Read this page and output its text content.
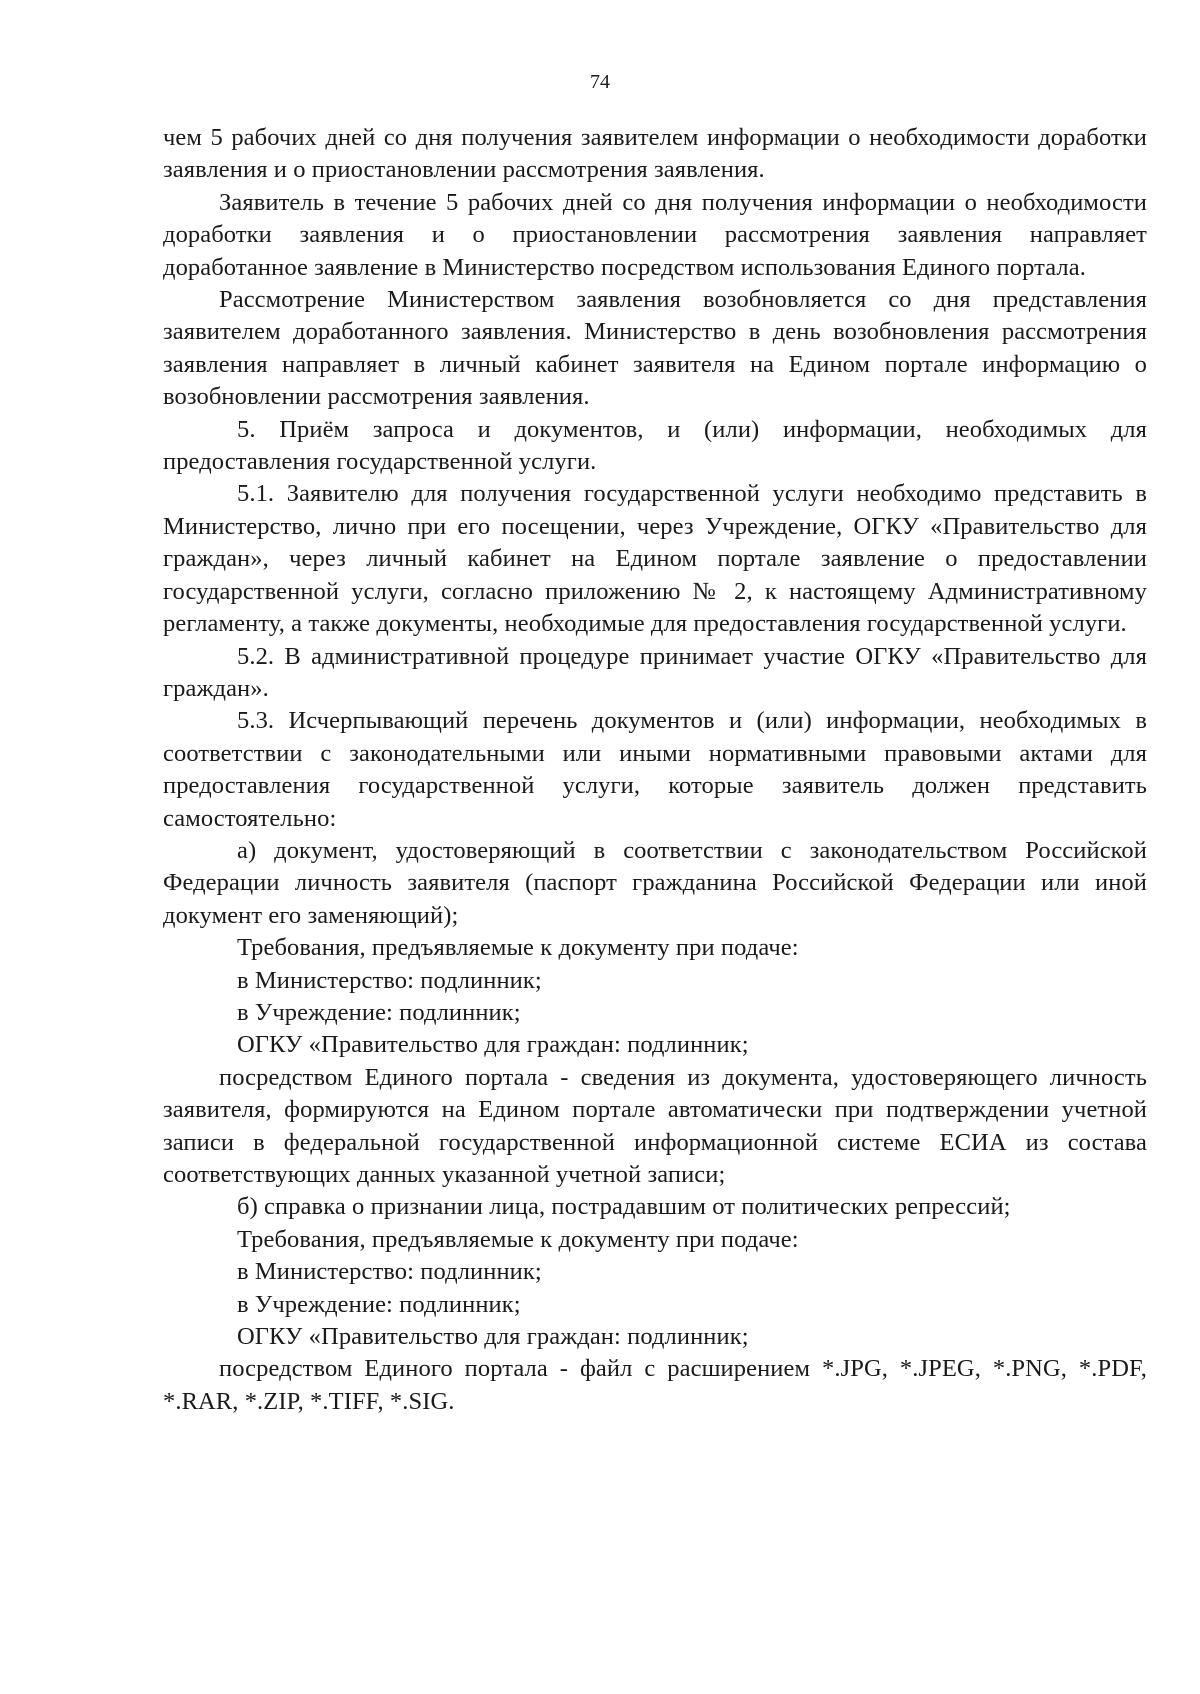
74

чем 5 рабочих дней со дня получения заявителем информации о необходимости доработки заявления и о приостановлении рассмотрения заявления.

Заявитель в течение 5 рабочих дней со дня получения информации о необходимости доработки заявления и о приостановлении рассмотрения заявления направляет доработанное заявление в Министерство посредством использования Единого портала.

Рассмотрение Министерством заявления возобновляется со дня представления заявителем доработанного заявления. Министерство в день возобновления рассмотрения заявления направляет в личный кабинет заявителя на Едином портале информацию о возобновлении рассмотрения заявления.

5. Приём запроса и документов, и (или) информации, необходимых для предоставления государственной услуги.

5.1. Заявителю для получения государственной услуги необходимо представить в Министерство, лично при его посещении, через Учреждение, ОГКУ «Правительство для граждан», через личный кабинет на Едином портале заявление о предоставлении государственной услуги, согласно приложению № 2, к настоящему Административному регламенту, а также документы, необходимые для предоставления государственной услуги.

5.2. В административной процедуре принимает участие ОГКУ «Правительство для граждан».

5.3. Исчерпывающий перечень документов и (или) информации, необходимых в соответствии с законодательными или иными нормативными правовыми актами для предоставления государственной услуги, которые заявитель должен представить самостоятельно:

а) документ, удостоверяющий в соответствии с законодательством Российской Федерации личность заявителя (паспорт гражданина Российской Федерации или иной документ его заменяющий);

Требования, предъявляемые к документу при подаче:

в Министерство: подлинник;

в Учреждение: подлинник;

ОГКУ «Правительство для граждан: подлинник;

посредством Единого портала - сведения из документа, удостоверяющего личность заявителя, формируются на Едином портале автоматически при подтверждении учетной записи в федеральной государственной информационной системе ЕСИА из состава соответствующих данных указанной учетной записи;

б) справка о признании лица, пострадавшим от политических репрессий;

Требования, предъявляемые к документу при подаче:

в Министерство: подлинник;

в Учреждение: подлинник;

ОГКУ «Правительство для граждан: подлинник;

посредством Единого портала - файл с расширением *.JPG, *.JPEG, *.PNG, *.PDF, *.RAR, *.ZIP, *.TIFF, *.SIG.
